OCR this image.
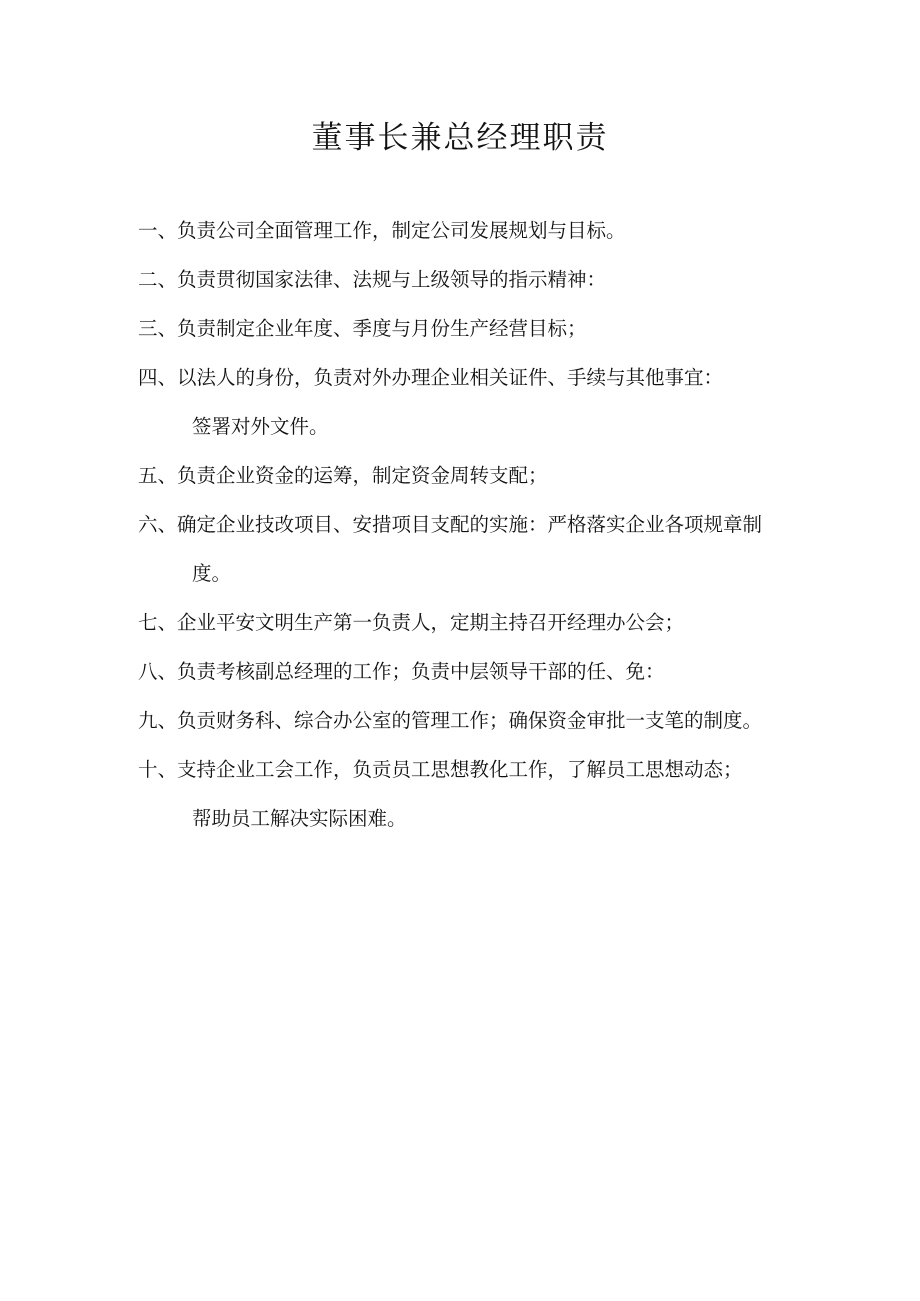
董事长兼总经理职责
一、负责公司全面管理工作，制定公司发展规划与目标。
二、负责贯彻国家法律、法规与上级领导的指示精神：
三、负责制定企业年度、季度与月份生产经营目标；
四、以法人的身份，负责对外办理企业相关证件、手续与其他事宜：
签署对外文件。
五、负责企业资金的运筹，制定资金周转支配；
六、确定企业技改项目、安措项目支配的实施：严格落实企业各项规章制
度。
七、企业平安文明生产第一负责人，定期主持召开经理办公会；
八、负责考核副总经理的工作；负责中层领导干部的任、免：
九、负贡财务科、综合办公室的管理工作；确保资金审批一支笔的制度。
十、支持企业工会工作，负贡员工思想教化工作，了解员工思想动态；
帮助员工解决实际困难。
